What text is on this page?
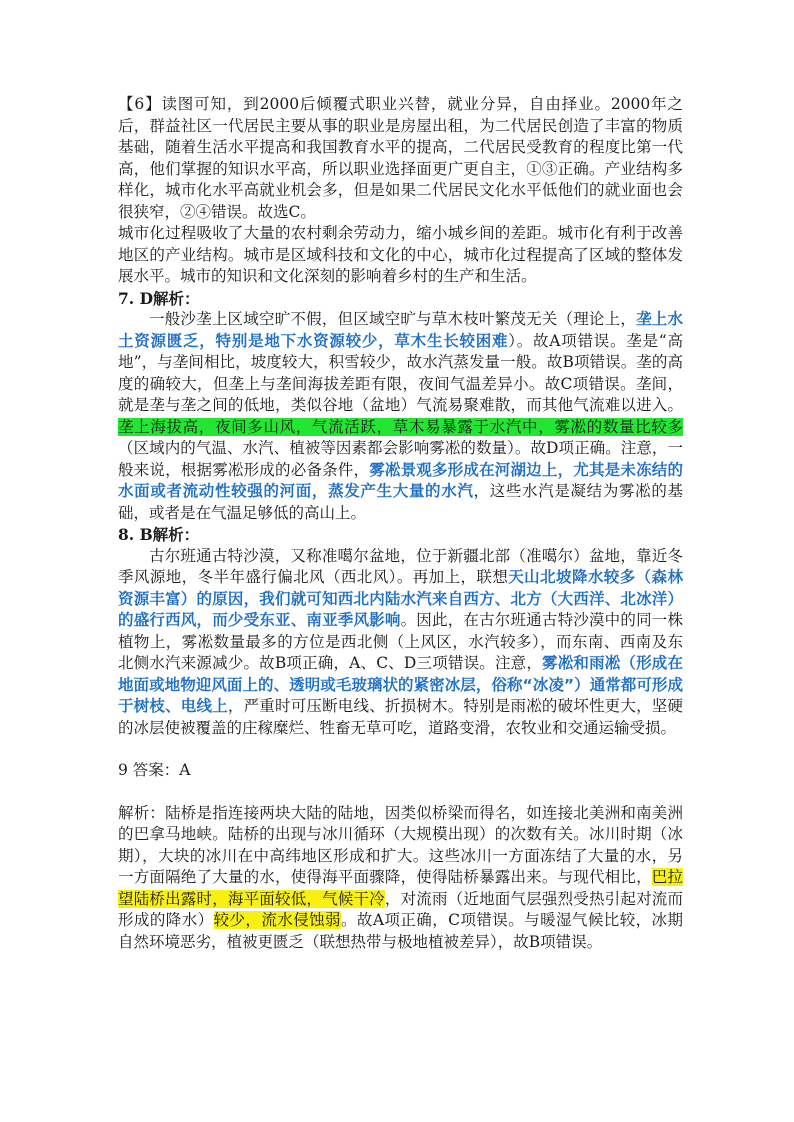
【6】读图可知，到2000后倾覆式职业兴替，就业分异，自由择业。2000年之后，群益社区一代居民主要从事的职业是房屋出租，为二代居民创造了丰富的物质基础，随着生活水平提高和我国教育水平的提高，二代居民受教育的程度比第一代高，他们掌握的知识水平高，所以职业选择面更广更自主，①③正确。产业结构多样化，城市化水平高就业机会多，但是如果二代居民文化水平低他们的就业面也会很狭窄，②④错误。故选C。

城市化过程吸收了大量的农村剩余劳动力，缩小城乡间的差距。城市化有利于改善地区的产业结构。城市是区域科技和文化的中心，城市化过程提高了区域的整体发展水平。城市的知识和文化深刻的影响着乡村的生产和生活。

7. D解析：

一般沙垄上区域空旷不假，但区域空旷与草木枝叶繁茂无关（理论上，垄上水土资源匮乏，特别是地下水资源较少，草木生长较困难）。故A项错误。垄是“高地”，与垄间相比，坡度较大，积雪较少，故水汽蒸发量一般。故B项错误。垄的高度的确较大，但垄上与垄间海拔差距有限，夜间气温差异小。故C项错误。垄间，就是垄与垄之间的低地，类似谷地（盆地）气流易聚难散，而其他气流难以进入。垄上海拔高，夜间多山风，气流活跃，草木易暴露于水汽中，雾凇的数量比较多（区域内的气温、水汽、植被等因素都会影响雾凇的数量）。故D项正确。注意，一般来说，根据雾凇形成的必备条件，雾凇景观多形成在河湖边上，尤其是未冻结的水面或者流动性较强的河面，蒸发产生大量的水汽，这些水汽是凝结为雾凇的基础，或者是在气温足够低的高山上。

8. B解析：

古尔班通古特沙漠，又称准噶尔盆地，位于新疆北部（准噶尔）盆地，靠近冬季风源地，冬半年盛行偏北风（西北风）。再加上，联想天山北坡降水较多（森林资源丰富）的原因，我们就可知西北内陆水汽来自西方、北方（大西洋、北冰洋）的盛行西风，而少受东亚、南亚季风影响。因此，在古尔班通古特沙漠中的同一株植物上，雾凇数量最多的方位是西北侧（上风区，水汽较多），而东南、西南及东北侧水汽来源减少。故B项正确，A、C、D三项错误。注意，雾凇和雨凇（形成在地面或地物迎风面上的、透明或毛玻璃状的紧密冰层，俗称“冰凌”）通常都可形成于树枝、电线上，严重时可压断电线、折损树木。特别是雨凇的破坏性更大，坚硬的冰层使被覆盖的庄稼糜烂、牲畜无草可吃，道路变滑，农牧业和交通运输受损。

9 答案：A

解析：陆桥是指连接两块大陆的陆地，因类似桥梁而得名，如连接北美洲和南美洲的巴拿马地峡。陆桥的出现与冰川循环（大规模出现）的次数有关。冰川时期（冰期），大块的冰川在中高纬地区形成和扩大。这些冰川一方面冻结了大量的水，另一方面隔绝了大量的水，使得海平面骤降，使得陆桥暴露出来。与现代相比，巴拉望陆桥出露时，海平面较低，气候干冷，对流雨（近地面气层强烈受热引起对流而形成的降水）较少，流水侵蚀弱。故A项正确，C项错误。与暖湿气候比较，冰期自然环境恶劣，植被更匮乏（联想热带与极地植被差异），故B项错误。
